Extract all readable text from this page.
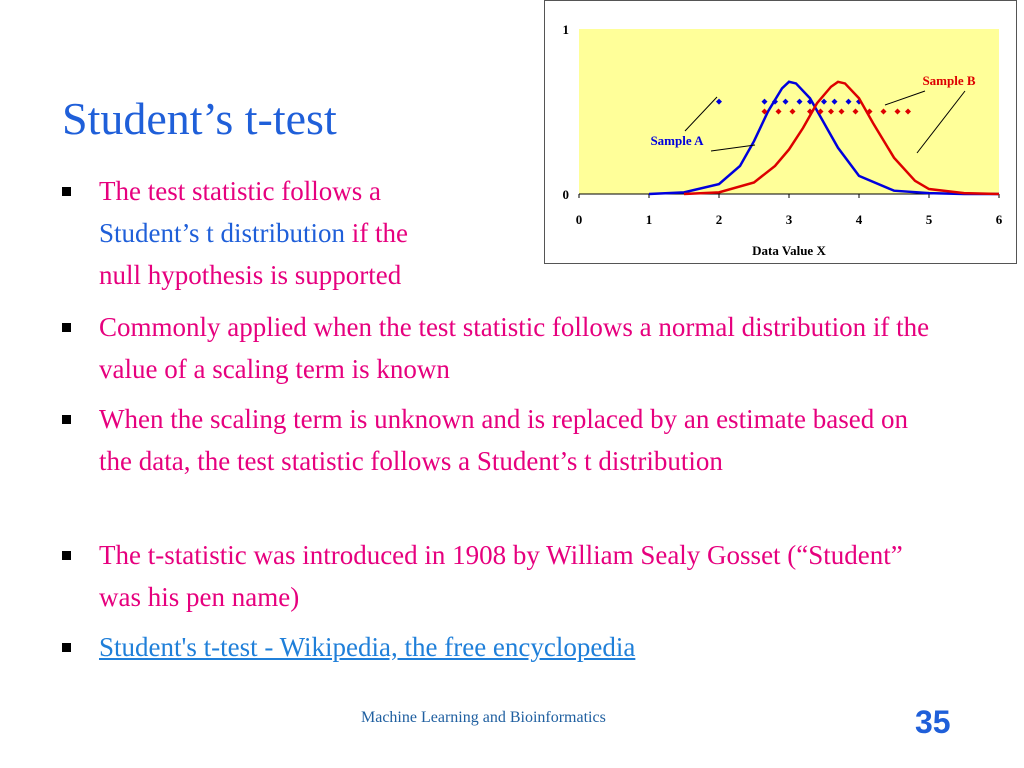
Student’s t-test
The test statistic follows a
Student’s t distribution if the
null hypothesis is supported
Commonly applied when the test statistic follows a normal distribution if the value of a scaling term is known
When the scaling term is unknown and is replaced by an estimate based on the data, the test statistic follows a Student’s t distribution
The t-statistic was introduced in 1908 by William Sealy Gosset (“Student” was his pen name)
Student's t-test - Wikipedia, the free encyclopedia
0	1	2	3	4	5	6
0
1
Data Value X
Sample A
Sample B
Machine Learning and Bioinformatics	35
